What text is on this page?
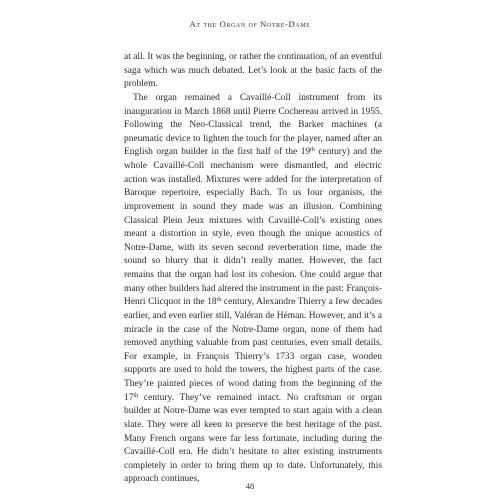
At the Organ of Notre-Dame

at all. It was the beginning, or rather the continuation, of an eventful saga which was much debated. Let’s look at the basic facts of the problem.

The organ remained a Cavaillé-Coll instrument from its inauguration in March 1868 until Pierre Cochereau arrived in 1955. Following the Neo-Classical trend, the Barker machines (a pneumatic device to lighten the touch for the player, named after an English organ builder in the first half of the 19th century) and the whole Cavaillé-Coll mechanism were dismantled, and electric action was installed. Mixtures were added for the interpretation of Baroque repertoire, especially Bach. To us four organists, the improvement in sound they made was an illusion. Combining Classical Plein Jeux mixtures with Cavaillé-Coll’s existing ones meant a distortion in style, even though the unique acoustics of Notre-Dame, with its seven second reverberation time, made the sound so blurry that it didn’t really matter. However, the fact remains that the organ had lost its cohesion. One could argue that many other builders had altered the instrument in the past: François-Henri Clicquot in the 18th century, Alexandre Thierry a few decades earlier, and even earlier still, Valéran de Héman. However, and it’s a miracle in the case of the Notre-Dame organ, none of them had removed anything valuable from past centuries, even small details. For example, in François Thierry’s 1733 organ case, wooden supports are used to hold the towers, the highest parts of the case. They’re painted pieces of wood dating from the beginning of the 17th century. They’ve remained intact. No craftsman or organ builder at Notre-Dame was ever tempted to start again with a clean slate. They were all keen to preserve the best heritage of the past. Many French organs were far less fortunate, including during the Cavaillé-Coll era. He didn’t hesitate to alter existing instruments completely in order to bring them up to date. Unfortunately, this approach continues,

48
